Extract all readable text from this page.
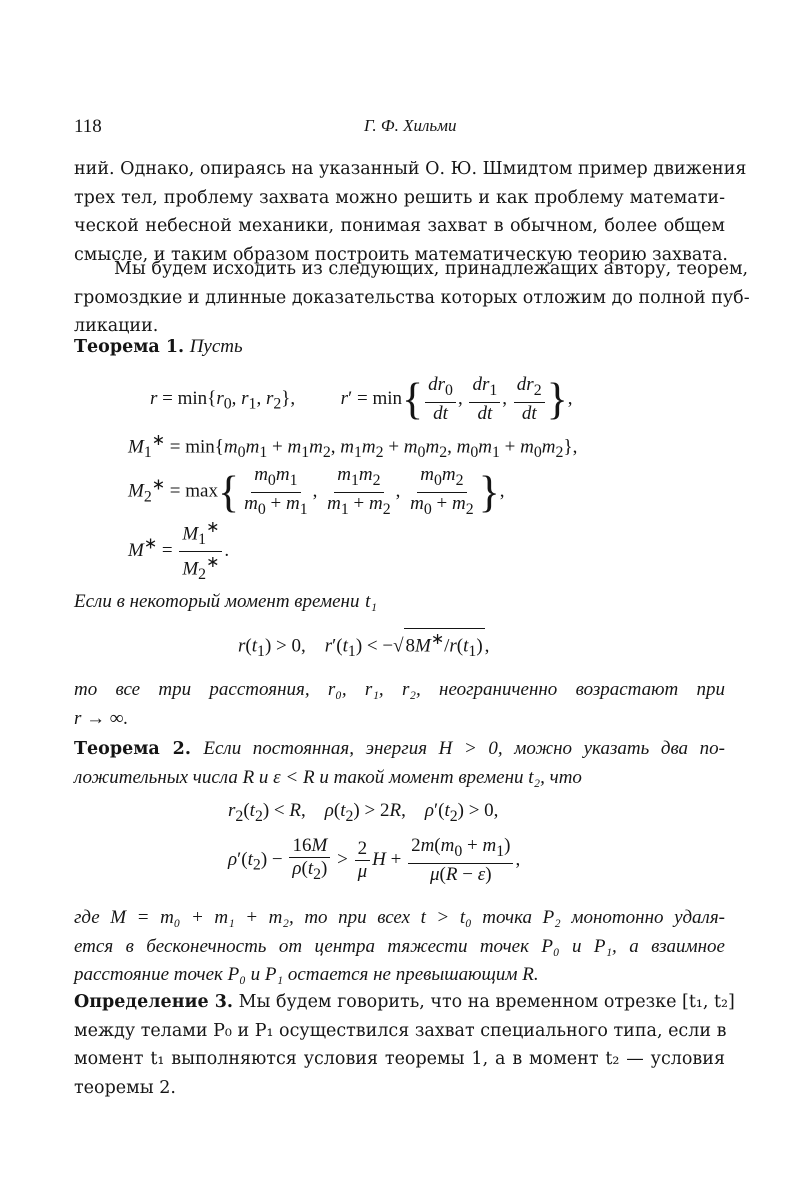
118	Г. Ф. Хильми

ний. Однако, опираясь на указанный О. Ю. Шмидтом пример движения
трех тел, проблему захвата можно решить и как проблему математи-
ческой небесной механики, понимая захват в обычном, более общем
смысле, и таким образом построить математическую теорию захвата.

Мы будем исходить из следующих, принадлежащих автору, теорем,
громоздкие и длинные доказательства которых отложим до полной пуб-
ликации.

Теорема 1. Пусть
$r = \min\{r_0$, $r_1$, $r_2$},  $r' = \min\{ \frac{dr_0}{dt}$ , $\frac{dr_1}{dt}$ , $\frac{dr_2}{dt}$ },
$M_1^∗ = \min\{m_0m_1 + m_1m_2$, $m_1m_2 + m_0m_2$, $m_0m_1 + m_0m_2$},
$M_2^∗ = \max\{ \frac{m_0m_1}{m_0 + m_1}$ , $\frac{m_1m_2}{m_1 + m_2}$ , $\frac{m_0m_2}{m_0 + m_2}$ },
$M^∗ = \frac{M_1^∗}{M_2^∗}$ .
Если в некоторый момент времени t₁
$r(t_1) > 0$,    $r'(t_1)$ < −√ $8M^∗/r(t_1)$ ,

то все три расстояния, r₀, r₁, r₂, неограниченно возрастают при
r → ∞.

Теорема 2. Если постоянная, энергия H > 0, можно указать два по-
ложительных числа R и ε < R и такой момент времени t₂, что

$r_2(t_2) < R$,    $\rho(t_2) > 2R$,    $\rho'(t_2) > 0$,
$\rho'(t_2) - \frac{16M}{\rho(t_2)} > \frac{2}{\mu}$ $H + \frac{2m(m_0 + m_1)}{\mu(R - \varepsilon)}$ ,

где M = m₀ + m₁ + m₂, то при всех t > t₀ точка P₂ монотонно удаля-
ется в бесконечность от центра тяжести точек P₀ и P₁, а взаимное
расстояние точек P₀ и P₁ остается не превышающим R.

Определение 3. Мы будем говорить, что на временном отрезке [t₁, t₂]
между телами P₀ и P₁ осуществился захват специального типа, если в
момент t₁ выполняются условия теоремы 1, а в момент t₂ — условия
теоремы 2.
